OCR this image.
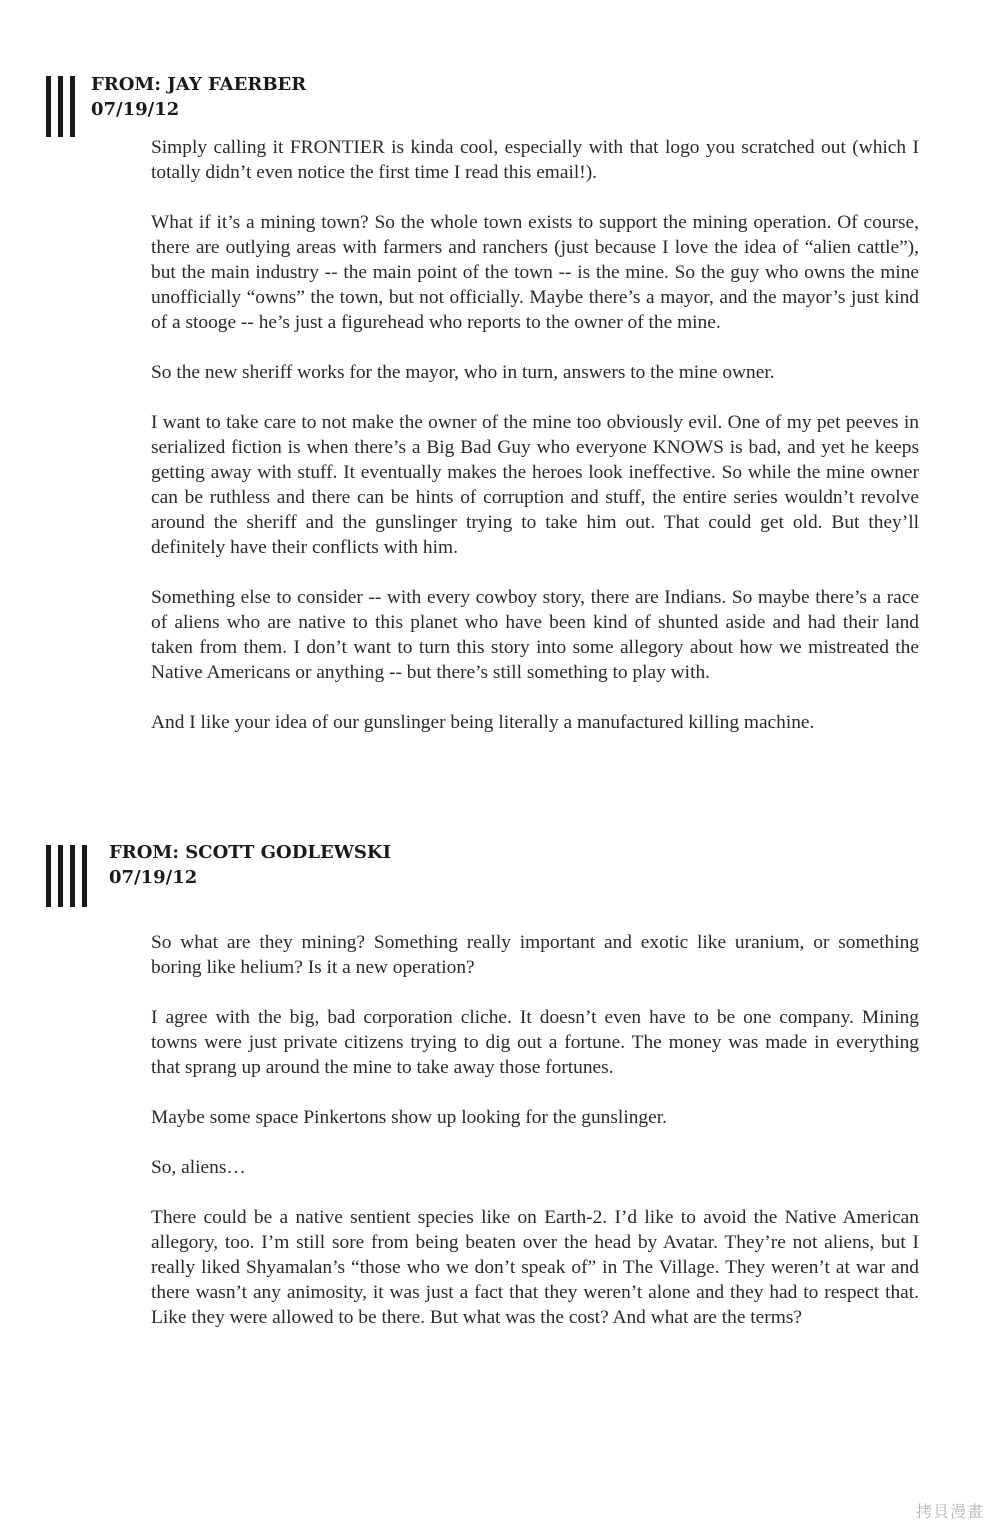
FROM: JAY FAERBER
07/19/12

Simply calling it FRONTIER is kinda cool, especially with that logo you scratched out (which I totally didn’t even notice the first time I read this email!).

What if it’s a mining town? So the whole town exists to support the mining operation. Of course, there are outlying areas with farmers and ranchers (just because I love the idea of “alien cattle”), but the main industry -- the main point of the town -- is the mine. So the guy who owns the mine unofficially “owns” the town, but not officially. Maybe there’s a mayor, and the mayor’s just kind of a stooge -- he’s just a figurehead who reports to the owner of the mine.

So the new sheriff works for the mayor, who in turn, answers to the mine owner.

I want to take care to not make the owner of the mine too obviously evil. One of my pet peeves in serialized fiction is when there’s a Big Bad Guy who everyone KNOWS is bad, and yet he keeps getting away with stuff. It eventually makes the heroes look ineffective. So while the mine owner can be ruthless and there can be hints of corruption and stuff, the entire series wouldn’t revolve around the sheriff and the gunslinger trying to take him out. That could get old. But they’ll definitely have their conflicts with him.

Something else to consider -- with every cowboy story, there are Indians. So maybe there’s a race of aliens who are native to this planet who have been kind of shunted aside and had their land taken from them. I don’t want to turn this story into some allegory about how we mistreated the Native Americans or anything -- but there’s still something to play with.

And I like your idea of our gunslinger being literally a manufactured killing machine.

FROM: SCOTT GODLEWSKI
07/19/12

So what are they mining? Something really important and exotic like uranium, or something boring like helium? Is it a new operation?

I agree with the big, bad corporation cliche. It doesn’t even have to be one company. Mining towns were just private citizens trying to dig out a fortune. The money was made in everything that sprang up around the mine to take away those fortunes.

Maybe some space Pinkertons show up looking for the gunslinger.

So, aliens…

There could be a native sentient species like on Earth-2. I’d like to avoid the Native American allegory, too. I’m still sore from being beaten over the head by Avatar. They’re not aliens, but I really liked Shyamalan’s “those who we don’t speak of” in The Village. They weren’t at war and there wasn’t any animosity, it was just a fact that they weren’t alone and they had to respect that. Like they were allowed to be there. But what was the cost? And what are the terms?

拷貝漫畫
